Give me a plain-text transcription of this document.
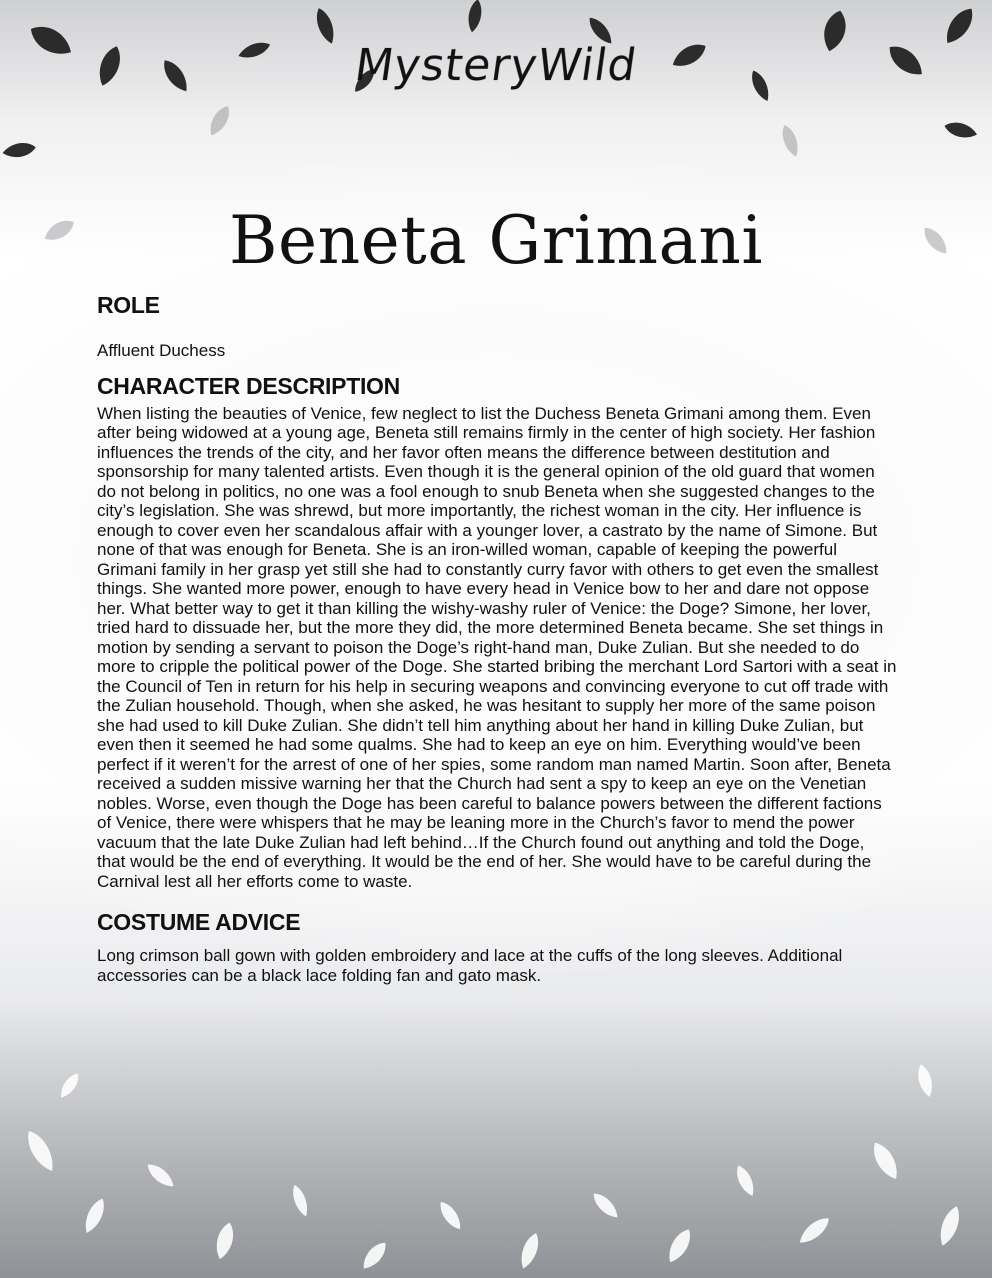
MysteryWild
Beneta Grimani
ROLE

Affluent Duchess

CHARACTER DESCRIPTION

When listing the beauties of Venice, few neglect to list the Duchess Beneta Grimani among them. Even after being widowed at a young age, Beneta still remains firmly in the center of high society. Her fashion influences the trends of the city, and her favor often means the difference between destitution and sponsorship for many talented artists. Even though it is the general opinion of the old guard that women do not belong in politics, no one was a fool enough to snub Beneta when she suggested changes to the city’s legislation. She was shrewd, but more importantly, the richest woman in the city. Her influence is enough to cover even her scandalous affair with a younger lover, a castrato by the name of Simone. But none of that was enough for Beneta. She is an iron-willed woman, capable of keeping the powerful Grimani family in her grasp yet still she had to constantly curry favor with others to get even the smallest things. She wanted more power, enough to have every head in Venice bow to her and dare not oppose her. What better way to get it than killing the wishy-washy ruler of Venice: the Doge? Simone, her lover, tried hard to dissuade her, but the more they did, the more determined Beneta became. She set things in motion by sending a servant to poison the Doge’s right-hand man, Duke Zulian. But she needed to do more to cripple the political power of the Doge. She started bribing the merchant Lord Sartori with a seat in the Council of Ten in return for his help in securing weapons and convincing everyone to cut off trade with the Zulian household. Though, when she asked, he was hesitant to supply her more of the same poison she had used to kill Duke Zulian. She didn’t tell him anything about her hand in killing Duke Zulian, but even then it seemed he had some qualms. She had to keep an eye on him. Everything would’ve been perfect if it weren’t for the arrest of one of her spies, some random man named Martin. Soon after, Beneta received a sudden missive warning her that the Church had sent a spy to keep an eye on the Venetian nobles. Worse, even though the Doge has been careful to balance powers between the different factions of Venice, there were whispers that he may be leaning more in the Church’s favor to mend the power vacuum that the late Duke Zulian had left behind…If the Church found out anything and told the Doge, that would be the end of everything. It would be the end of her. She would have to be careful during the Carnival lest all her efforts come to waste.

COSTUME ADVICE

Long crimson ball gown with golden embroidery and lace at the cuffs of the long sleeves. Additional accessories can be a black lace folding fan and gato mask.
